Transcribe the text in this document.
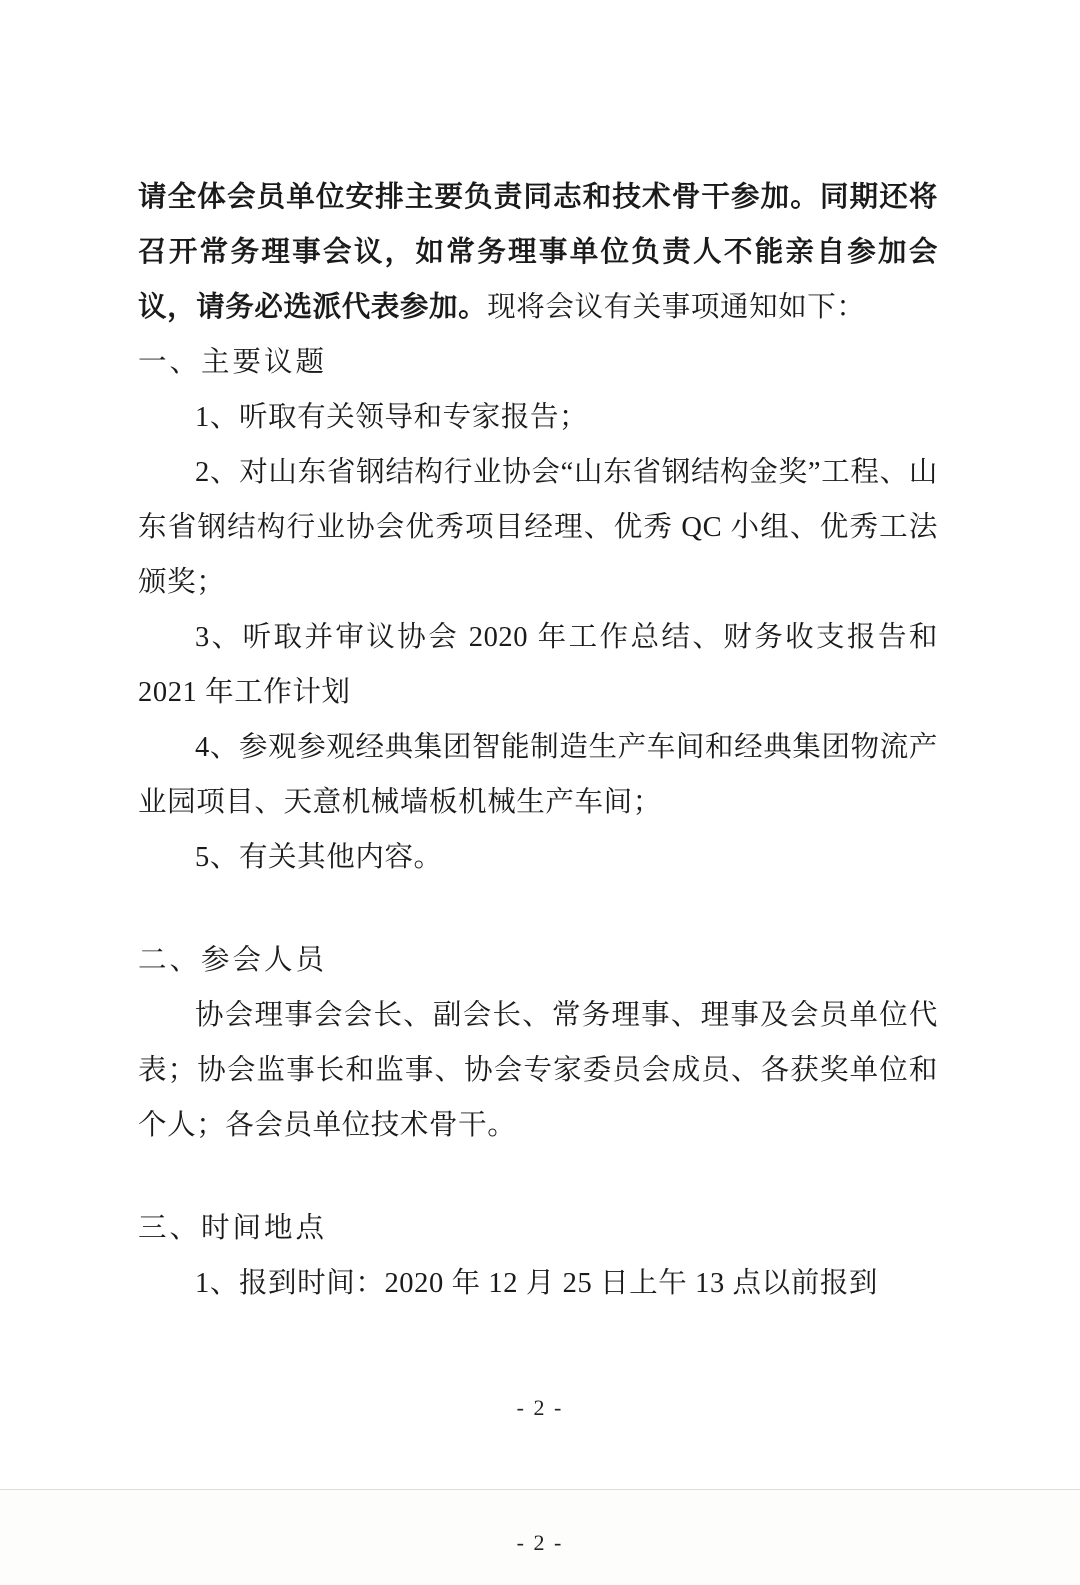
请全体会员单位安排主要负责同志和技术骨干参加。同期还将召开常务理事会议，如常务理事单位负责人不能亲自参加会议，请务必选派代表参加。现将会议有关事项通知如下：

一、主要议题

1、听取有关领导和专家报告；

2、对山东省钢结构行业协会“山东省钢结构金奖”工程、山东省钢结构行业协会优秀项目经理、优秀 QC 小组、优秀工法颁奖；

3、听取并审议协会 2020 年工作总结、财务收支报告和 2021 年工作计划

4、参观参观经典集团智能制造生产车间和经典集团物流产业园项目、天意机械墙板机械生产车间；

5、有关其他内容。

二、参会人员

协会理事会会长、副会长、常务理事、理事及会员单位代表；协会监事长和监事、协会专家委员会成员、各获奖单位和个人；各会员单位技术骨干。

三、时间地点

1、报到时间：2020 年 12 月 25 日上午 13 点以前报到

- 2 -
- 2 -
